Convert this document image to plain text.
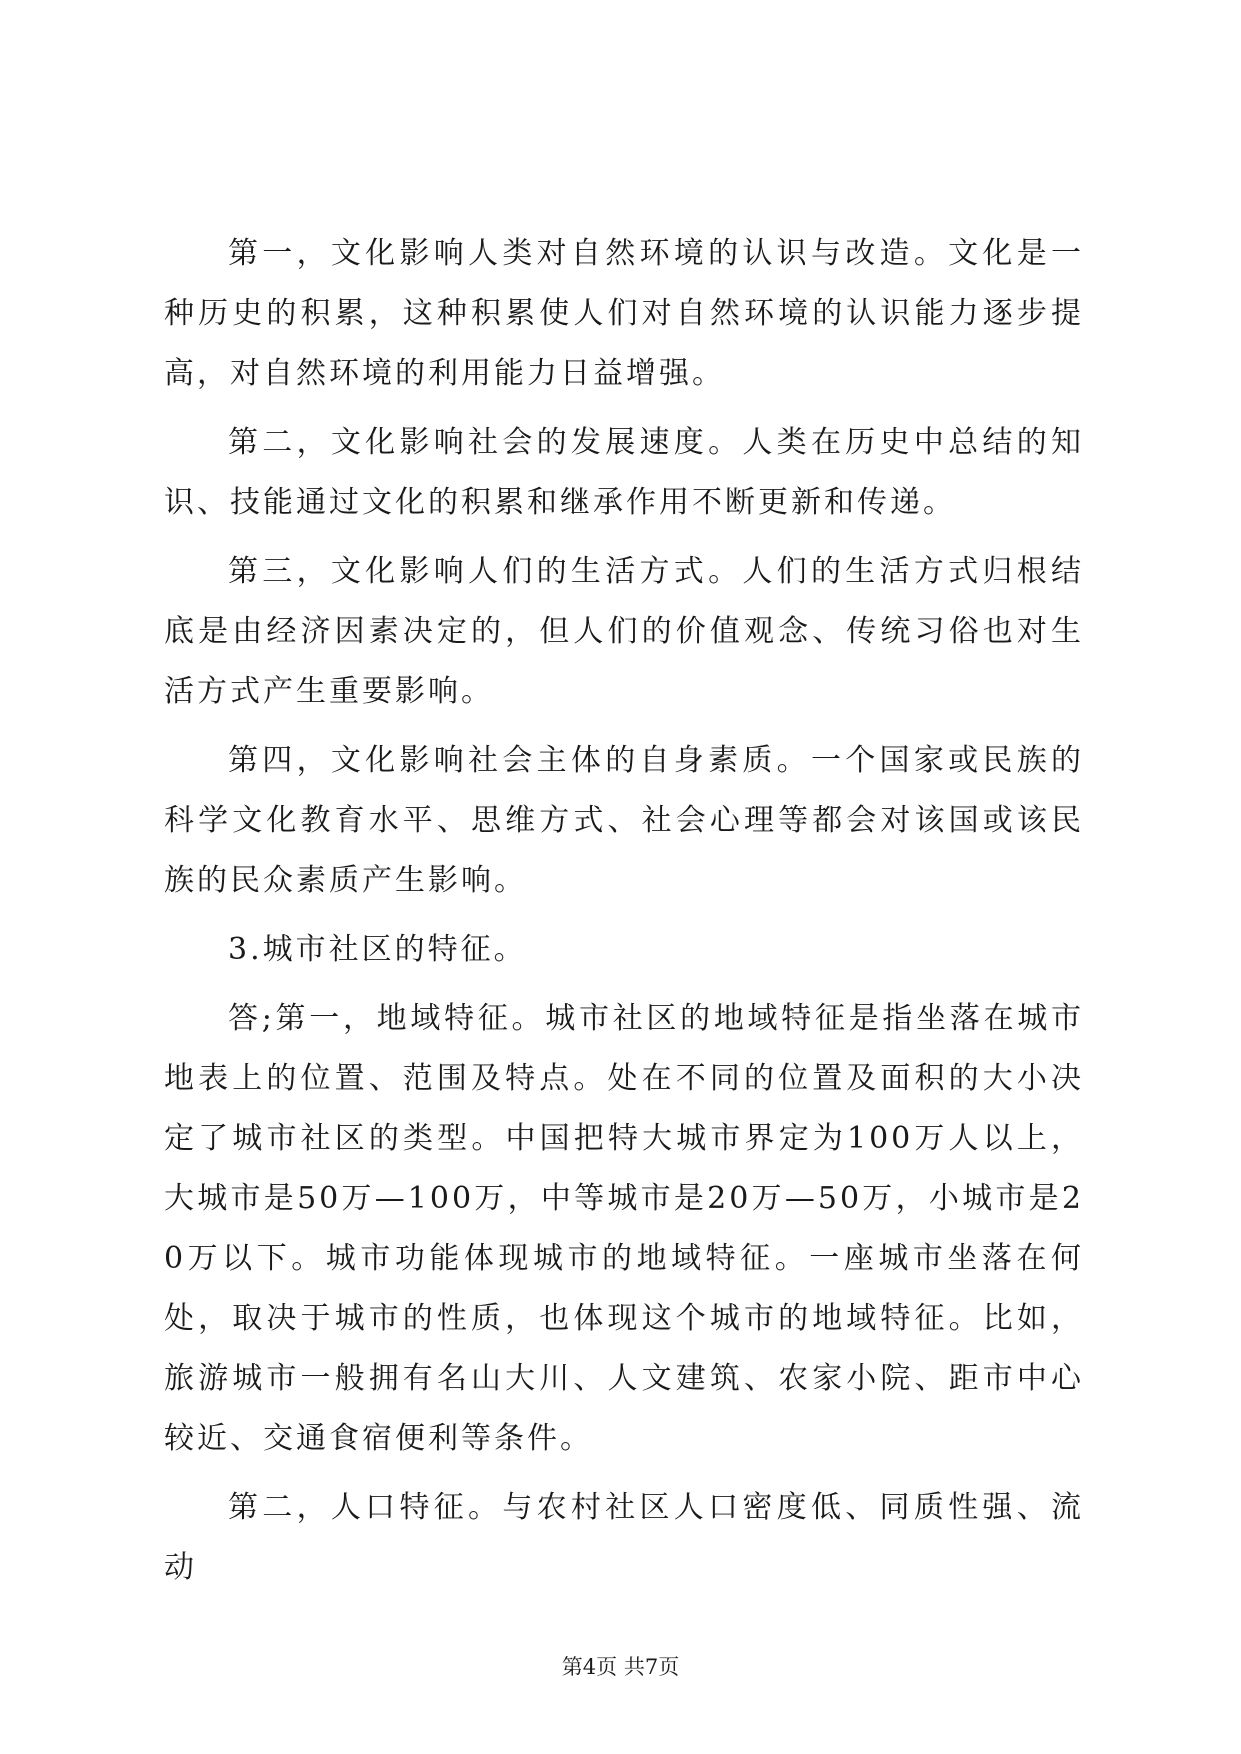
第一，文化影响人类对自然环境的认识与改造。文化是一种历史的积累，这种积累使人们对自然环境的认识能力逐步提高，对自然环境的利用能力日益增强。

第二，文化影响社会的发展速度。人类在历史中总结的知识、技能通过文化的积累和继承作用不断更新和传递。

第三，文化影响人们的生活方式。人们的生活方式归根结底是由经济因素决定的，但人们的价值观念、传统习俗也对生活方式产生重要影响。

第四，文化影响社会主体的自身素质。一个国家或民族的科学文化教育水平、思维方式、社会心理等都会对该国或该民族的民众素质产生影响。

3.城市社区的特征。

答;第一，地域特征。城市社区的地域特征是指坐落在城市地表上的位置、范围及特点。处在不同的位置及面积的大小决定了城市社区的类型。中国把特大城市界定为100万人以上，大城市是50万—100万，中等城市是20万—50万，小城市是20万以下。城市功能体现城市的地域特征。一座城市坐落在何处，取决于城市的性质，也体现这个城市的地域特征。比如，旅游城市一般拥有名山大川、人文建筑、农家小院、距市中心较近、交通食宿便利等条件。

第二，人口特征。与农村社区人口密度低、同质性强、流动

第4页 共7页
